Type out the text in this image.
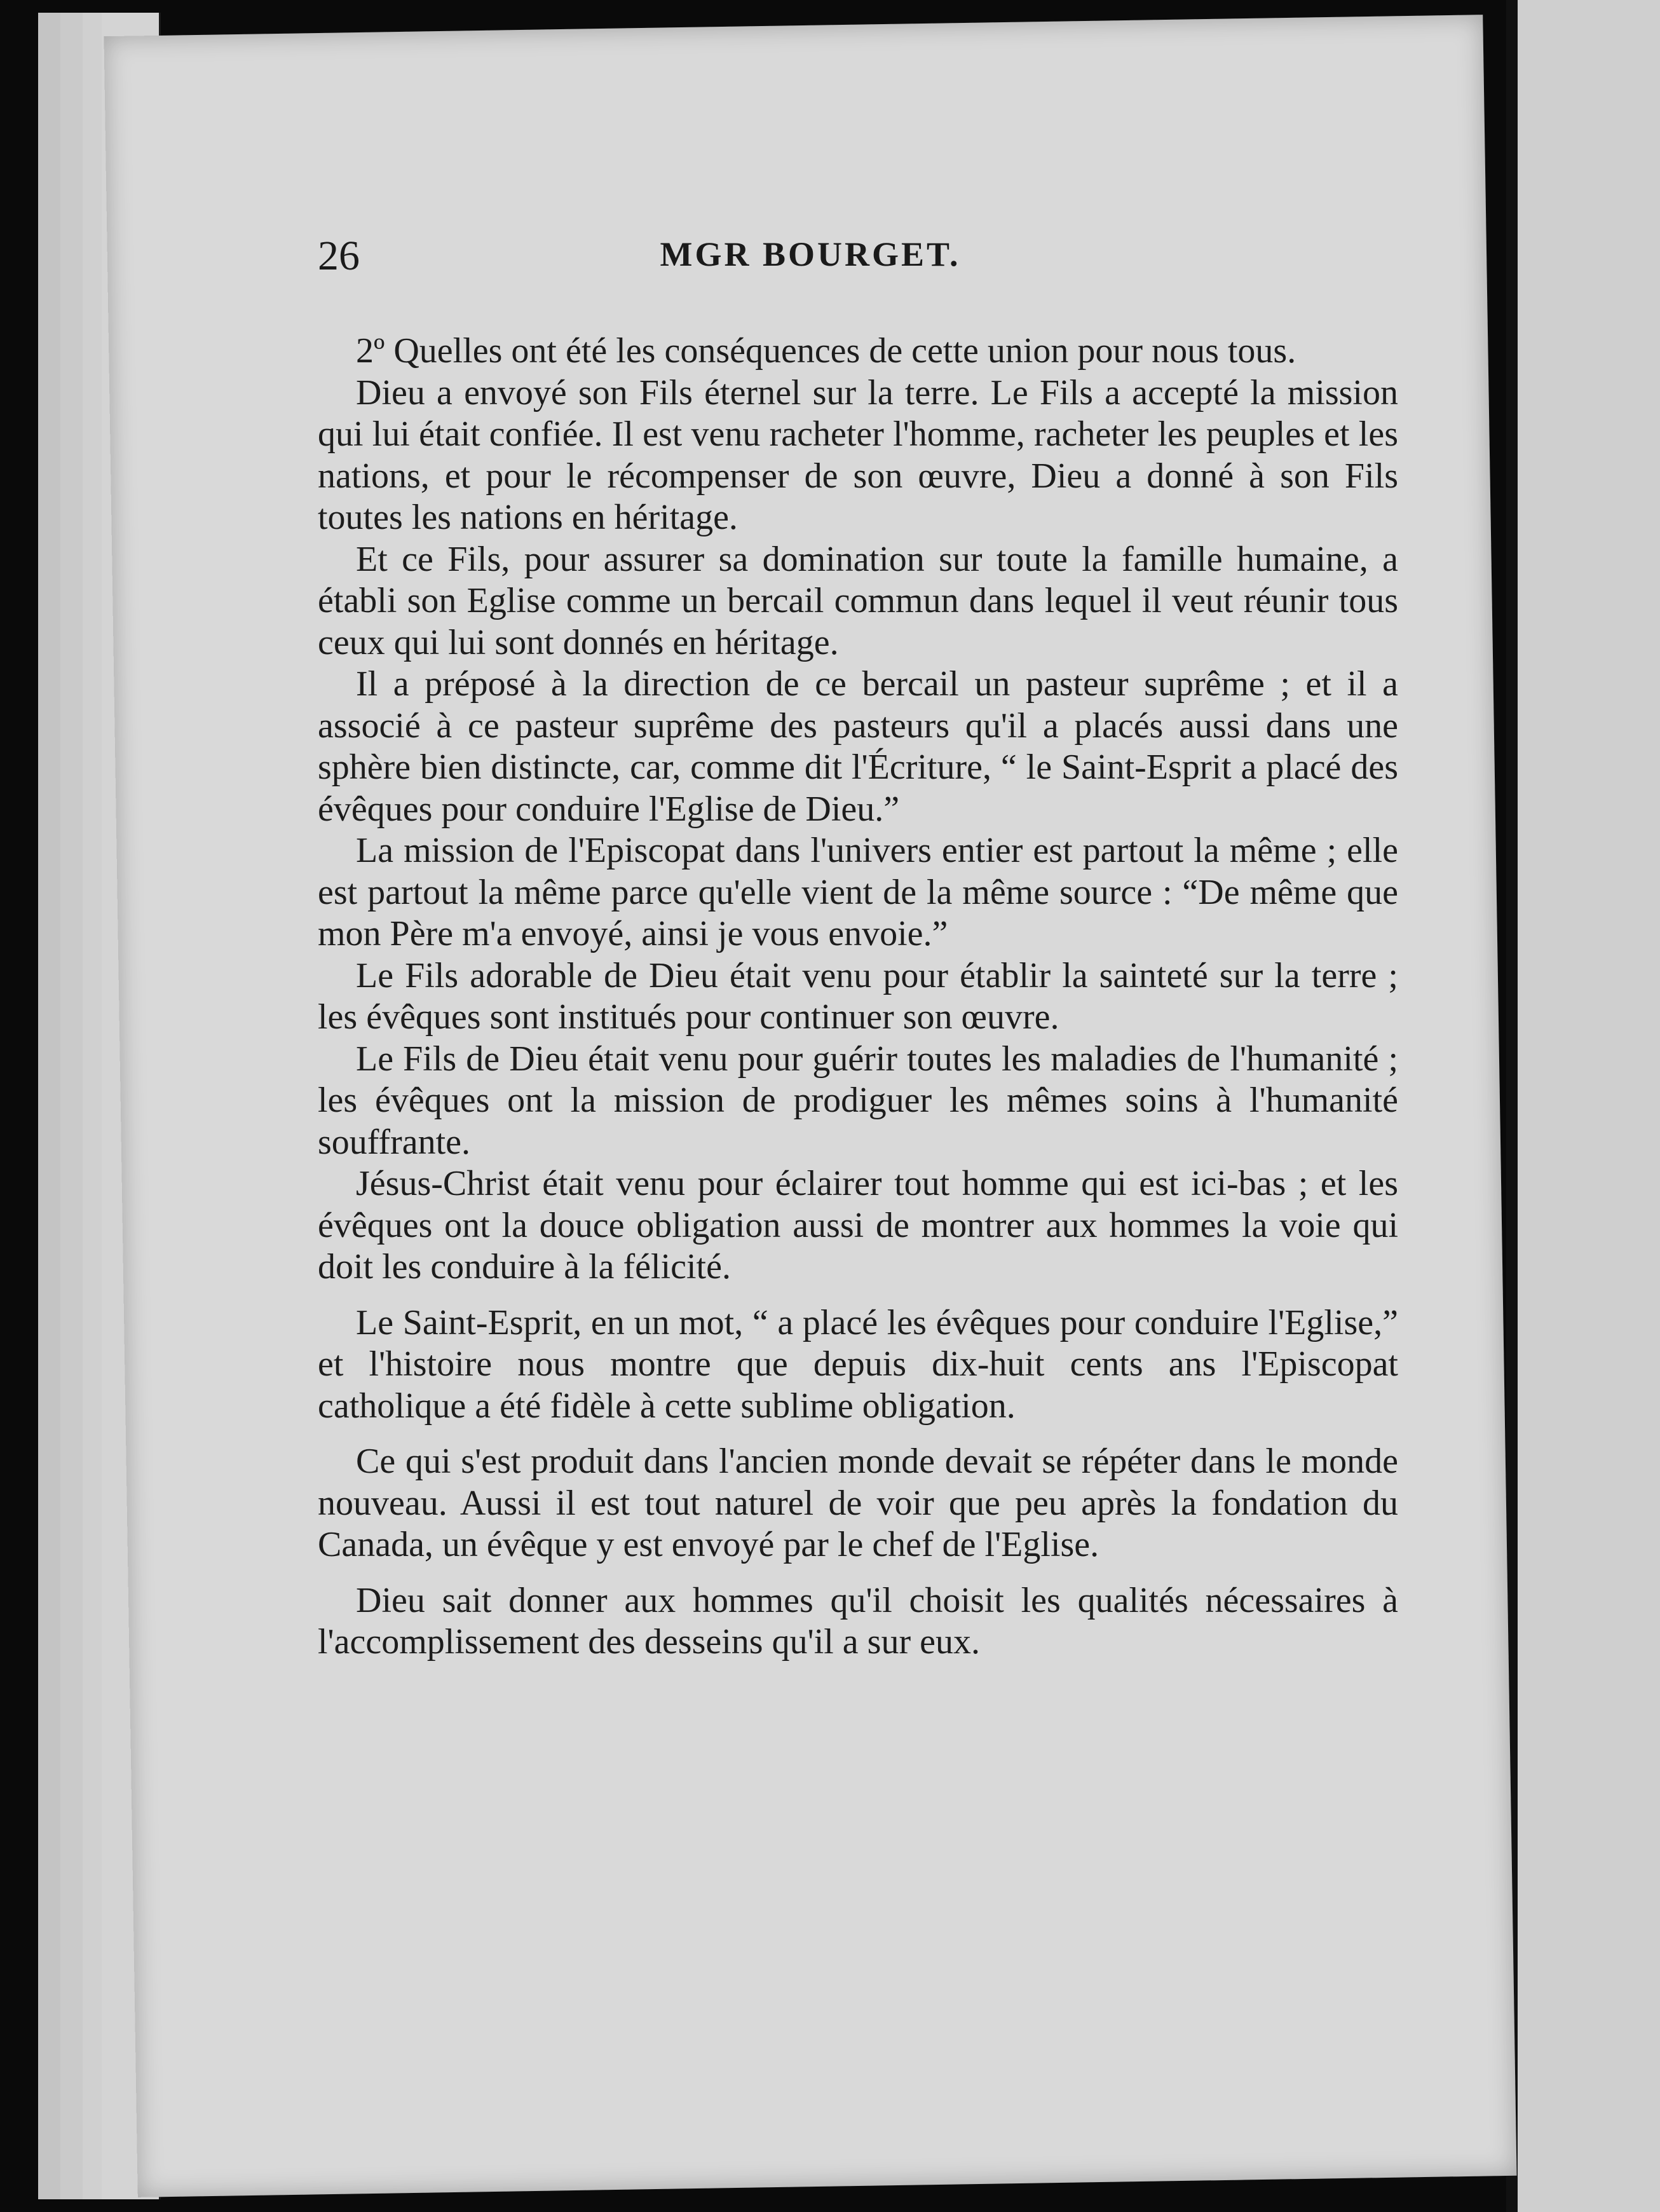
26	MGR BOURGET.

2º Quelles ont été les conséquences de cette union pour nous tous.

Dieu a envoyé son Fils éternel sur la terre. Le Fils a accepté la mission qui lui était confiée. Il est venu racheter l'homme, racheter les peuples et les nations, et pour le récompenser de son œuvre, Dieu a donné à son Fils toutes les nations en héritage.

Et ce Fils, pour assurer sa domination sur toute la famille humaine, a établi son Eglise comme un bercail commun dans lequel il veut réunir tous ceux qui lui sont donnés en héritage.

Il a préposé à la direction de ce bercail un pasteur suprême ; et il a associé à ce pasteur suprême des pasteurs qu'il a placés aussi dans une sphère bien distincte, car, comme dit l'Écriture, “ le Saint-Esprit a placé des évêques pour conduire l'Eglise de Dieu.”

La mission de l'Episcopat dans l'univers entier est partout la même ; elle est partout la même parce qu'elle vient de la même source : “De même que mon Père m'a envoyé, ainsi je vous envoie.”

Le Fils adorable de Dieu était venu pour établir la sainteté sur la terre ; les évêques sont institués pour continuer son œuvre.

Le Fils de Dieu était venu pour guérir toutes les maladies de l'humanité ; les évêques ont la mission de prodiguer les mêmes soins à l'humanité souffrante.

Jésus-Christ était venu pour éclairer tout homme qui est ici-bas ; et les évêques ont la douce obligation aussi de montrer aux hommes la voie qui doit les conduire à la félicité.

Le Saint-Esprit, en un mot, “ a placé les évêques pour conduire l'Eglise,” et l'histoire nous montre que depuis dix-huit cents ans l'Episcopat catholique a été fidèle à cette sublime obligation.

Ce qui s'est produit dans l'ancien monde devait se répéter dans le monde nouveau. Aussi il est tout naturel de voir que peu après la fondation du Canada, un évêque y est envoyé par le chef de l'Eglise.

Dieu sait donner aux hommes qu'il choisit les qualités nécessaires à l'accomplissement des desseins qu'il a sur eux.
